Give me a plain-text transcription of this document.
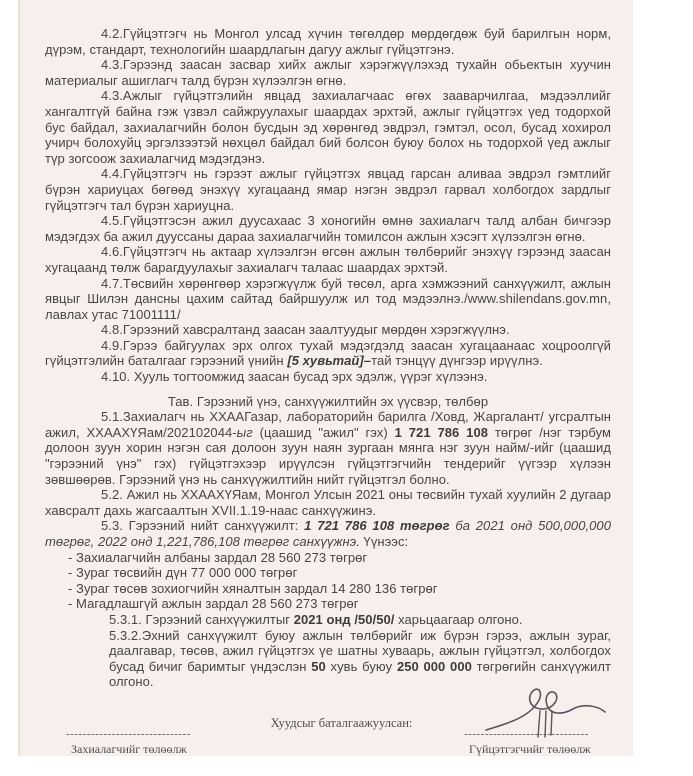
4.2.Гүйцэтгэгч нь Монгол улсад хүчин төгөлдөр мөрдөгдөж буй барилгын норм, дүрэм, стандарт, технологийн шаардлагын дагуу ажлыг гүйцэтгэнэ.

4.3.Гэрээнд заасан засвар хийх ажлыг хэрэгжүүлэхэд тухайн обьектын хуучин материалыг ашиглагч талд бүрэн хүлээлгэн өгнө.

4.3.Ажлыг гүйцэтгэлийн явцад захиалагчаас өгөх зааварчилгаа, мэдээллийг хангалтгүй байна гэж үзвэл сайжруулахыг шаардах эрхтэй, ажлыг гүйцэтгэх үед тодорхой бус байдал, захиалагчийн болон бусдын эд хөрөнгөд эвдрэл, гэмтэл, осол, бусад хохирол учирч болохуйц эргэлзээтэй нөхцөл байдал бий болсон буюу болох нь тодорхой үед ажлыг түр зогсоож захиалагчид мэдэгдэнэ.

4.4.Гүйцэтгэгч нь гэрээт ажлыг гүйцэтгэх явцад гарсан аливаа эвдрэл гэмтлийг бүрэн хариуцах бөгөөд энэхүү хугацаанд ямар нэгэн эвдрэл гарвал холбогдох зардлыг гүйцэтгэгч тал бүрэн хариуцна.

4.5.Гүйцэтгэсэн ажил дуусахаас 3 хоногийн өмнө захиалагч талд албан бичгээр мэдэгдэх ба ажил дууссаны дараа захиалагчийн томилсон ажлын хэсэгт хүлээлгэн өгнө.

4.6.Гүйцэтгэгч нь актаар хүлээлгэн өгсөн ажлын төлбөрийг энэхүү гэрээнд заасан хугацаанд төлж барагдуулахыг захиалагч талаас шаардах эрхтэй.

4.7.Төсвийн хөрөнгөөр хэрэгжүүлж буй төсөл, арга хэмжээний санхүүжилт, ажлын явцыг Шилэн дансны цахим сайтад байршуулж ил тод мэдээлнэ./www.shilendans.gov.mn, лавлах утас 71001111/

4.8.Гэрээний хавсралтанд заасан заалтуудыг мөрдөн хэрэгжүүлнэ.

4.9.Гэрээ байгуулах эрх олгох тухай мэдэгдэлд заасан хугацаанаас хоцроолгүй гүйцэтгэлийн баталгааг гэрээний үнийн [5 хувьтай]–тай тэнцүү дүнгээр ирүүлнэ.

4.10. Хууль тогтоомжид заасан бусад эрх эдэлж, үүрэг хүлээнэ.

Тав. Гэрээний үнэ, санхүүжилтийн эх үүсвэр, төлбөр

5.1.Захиалагч нь ХХААГазар, лабораторийн барилга /Ховд, Жаргалант/ угсралтын ажил, ХХААХҮЯам/202102044-ыг (цаашид "ажил" гэх) 1 721 786 108 төгрөг /нэг тэрбум долоон зуун хорин нэгэн сая долоон зуун наян зургаан мянга нэг зуун найм/-ийг (цаашид "гэрээний үнэ" гэх) гүйцэтгэхээр ирүүлсэн гүйцэтгэгчийн тендерийг үүгээр хүлээн зөвшөөрөв. Гэрээний үнэ нь санхүүжилтийн нийт гүйцэтгэл болно.

5.2. Ажил нь ХХААХҮЯам, Монгол Улсын 2021 оны төсвийн тухай хуулийн 2 дугаар хавсралт дахь жагсаалтын XVII.1.19-наас санхүүжинэ.

5.3. Гэрээний нийт санхүүжилт: 1 721 786 108 төгрөг ба 2021 онд 500,000,000 төгрөг, 2022 онд 1,221,786,108 төгрөг санхүүжнэ. Үүнээс:

- Захиалагчийн албаны зардал 28 560 273 төгрөг

- Зураг төсвийн дүн 77 000 000 төгрөг

- Зураг төсөв зохиогчийн хяналтын зардал 14 280 136 төгрөг

- Магадлашгүй ажлын зардал 28 560 273 төгрөг

5.3.1. Гэрээний санхүүжилтыг 2021 онд /50/50/ харьцаагаар олгоно.

5.3.2.Эхний санхүүжилт буюу ажлын төлбөрийг иж бүрэн гэрээ, ажлын зураг, даалгавар, төсөв, ажил гүйцэтгэх үе шатны хуваарь, ажлын гүйцэтгэл, холбогдох бусад бичиг баримтыг үндэслэн 50 хувь буюу 250 000 000 төгрөгийн санхүүжилт олгоно.

Хуудсыг баталгаажуулсан:
------------------------------
Захиалагчийг төлөөлж
------------------------------
Гүйцэтгэгчийг төлөөлж
